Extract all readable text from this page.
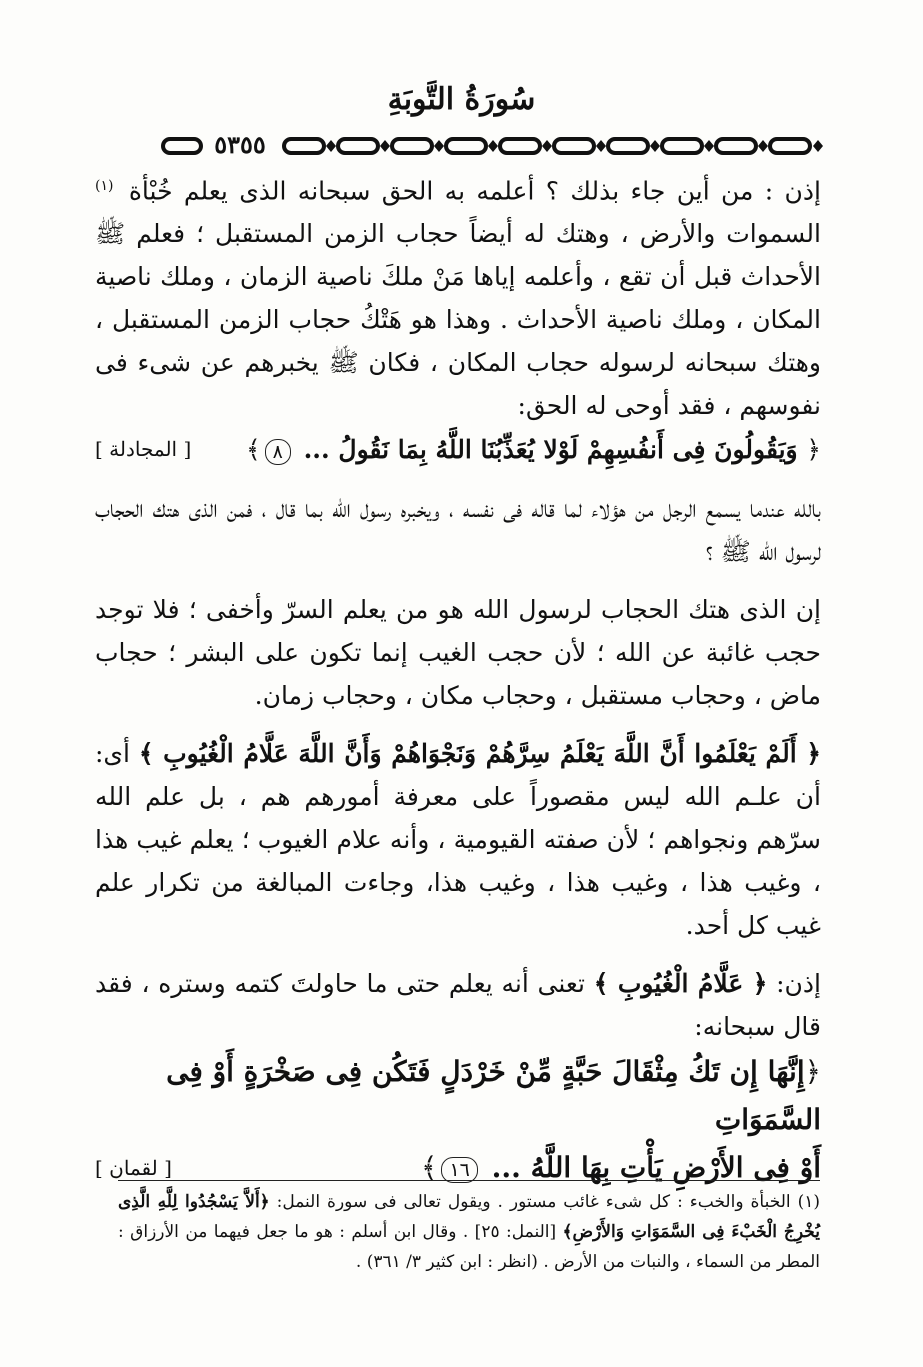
سُورَةُ التَّوبَةِ
٥٣٥٥

إذن : من أين جاء بذلك ؟ أعلمه به الحق سبحانه الذى يعلم خُبْأة $^{(١)}$ السموات والأرض ، وهتك له أيضاً حجاب الزمن المستقبل ؛ فعلم ﷺ الأحداث قبل أن تقع ، وأعلمه إياها مَنْ ملكَ ناصية الزمان ، وملك ناصية المكان ، وملك ناصية الأحداث . وهذا هو هَتْكُ حجاب الزمن المستقبل ، وهتك سبحانه لرسوله حجاب المكان ، فكان ﷺ يخبرهم عن شىء فى نفوسهم ، فقد أوحى له الحق:

﴿ وَيَقُولُونَ فِى أَنفُسِهِمْ لَوْلا يُعَذِّبُنَا اللَّهُ بِمَا نَقُولُ ... ٨﴾
[ المجادلة ]

بالله عندما يسمع الرجل من هؤلاء لما قاله فى نفسه ، ويخبره رسول الله بما قال ، فمن الذى هتك الحجاب لرسول الله ﷺ ؟

إن الذى هتك الحجاب لرسول الله هو من يعلم السرّ وأخفى ؛ فلا توجد حجب غائبة عن الله ؛ لأن حجب الغيب إنما تكون على البشر ؛ حجاب ماض ، وحجاب مستقبل ، وحجاب مكان ، وحجاب زمان.

﴿ أَلَمْ يَعْلَمُوا أَنَّ اللَّهَ يَعْلَمُ سِرَّهُمْ وَنَجْوَاهُمْ وَأَنَّ اللَّهَ عَلَّامُ الْغُيُوبِ ﴾ أى: أن علـم الله ليس مقصوراً على معرفة أمورهم هم ، بل علم الله سرّهم ونجواهم ؛ لأن صفته القيومية ، وأنه علام الغيوب ؛ يعلم غيب هذا ، وغيب هذا ، وغيب هذا ، وغيب هذا، وجاءت المبالغة من تكرار علم غيب كل أحد.

إذن: ﴿ عَلَّامُ الْغُيُوبِ ﴾ تعنى أنه يعلم حتى ما حاولتَ كتمه وستره ، فقد قال سبحانه:

﴿إِنَّهَا إِن تَكُ مِثْقَالَ حَبَّةٍ مِّنْ خَرْدَلٍ فَتَكُن فِى صَخْرَةٍ أَوْ فِى السَّمَوَاتِ
أَوْ فِى الأَرْضِ يَأْتِ بِهَا اللَّهُ ... ١٦﴾
[ لقمان ]

(١) الخبأة والخبء : كل شىء غائب مستور . ويقول تعالى فى سورة النمل: ﴿أَلاَّ يَسْجُدُوا لِلَّهِ الَّذِى يُخْرِجُ الْخَبْءَ فِى السَّمَوَاتِ وَالأَرْضِ﴾ [النمل: ٢٥] . وقال ابن أسلم : هو ما جعل فيهما من الأرزاق : المطر من السماء ، والنبات من الأرض . (انظر : ابن كثير ٣/ ٣٦١) .
